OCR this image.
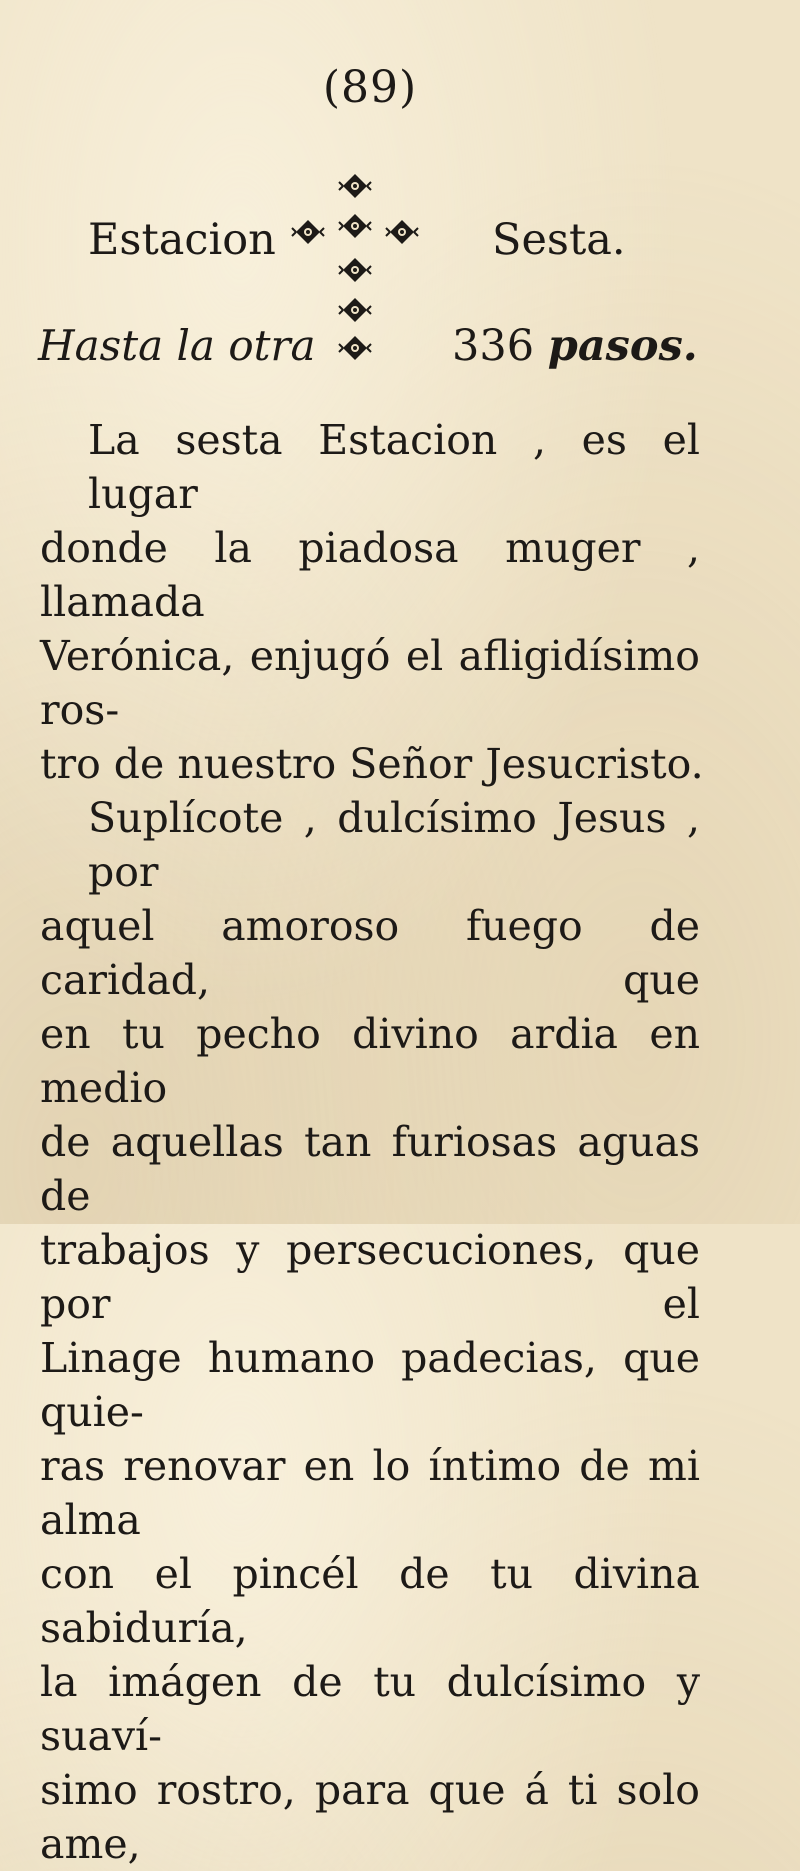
(89)
Estacion	Sesta.
Hasta la otra	336 pasos.
La sesta Estacion , es el lugar
donde la piadosa muger , llamada
Verónica, enjugó el afligidísimo ros-
tro de nuestro Señor Jesucristo.
Suplícote , dulcísimo Jesus , por
aquel amoroso fuego de caridad, que
en tu pecho divino ardia en medio
de aquellas tan furiosas aguas de
trabajos y persecuciones, que por el
Linage humano padecias, que quie-
ras renovar en lo íntimo de mi alma
con el pincél de tu divina sabiduría,
la imágen de tu dulcísimo y suaví-
simo rostro, para que á ti solo ame,
